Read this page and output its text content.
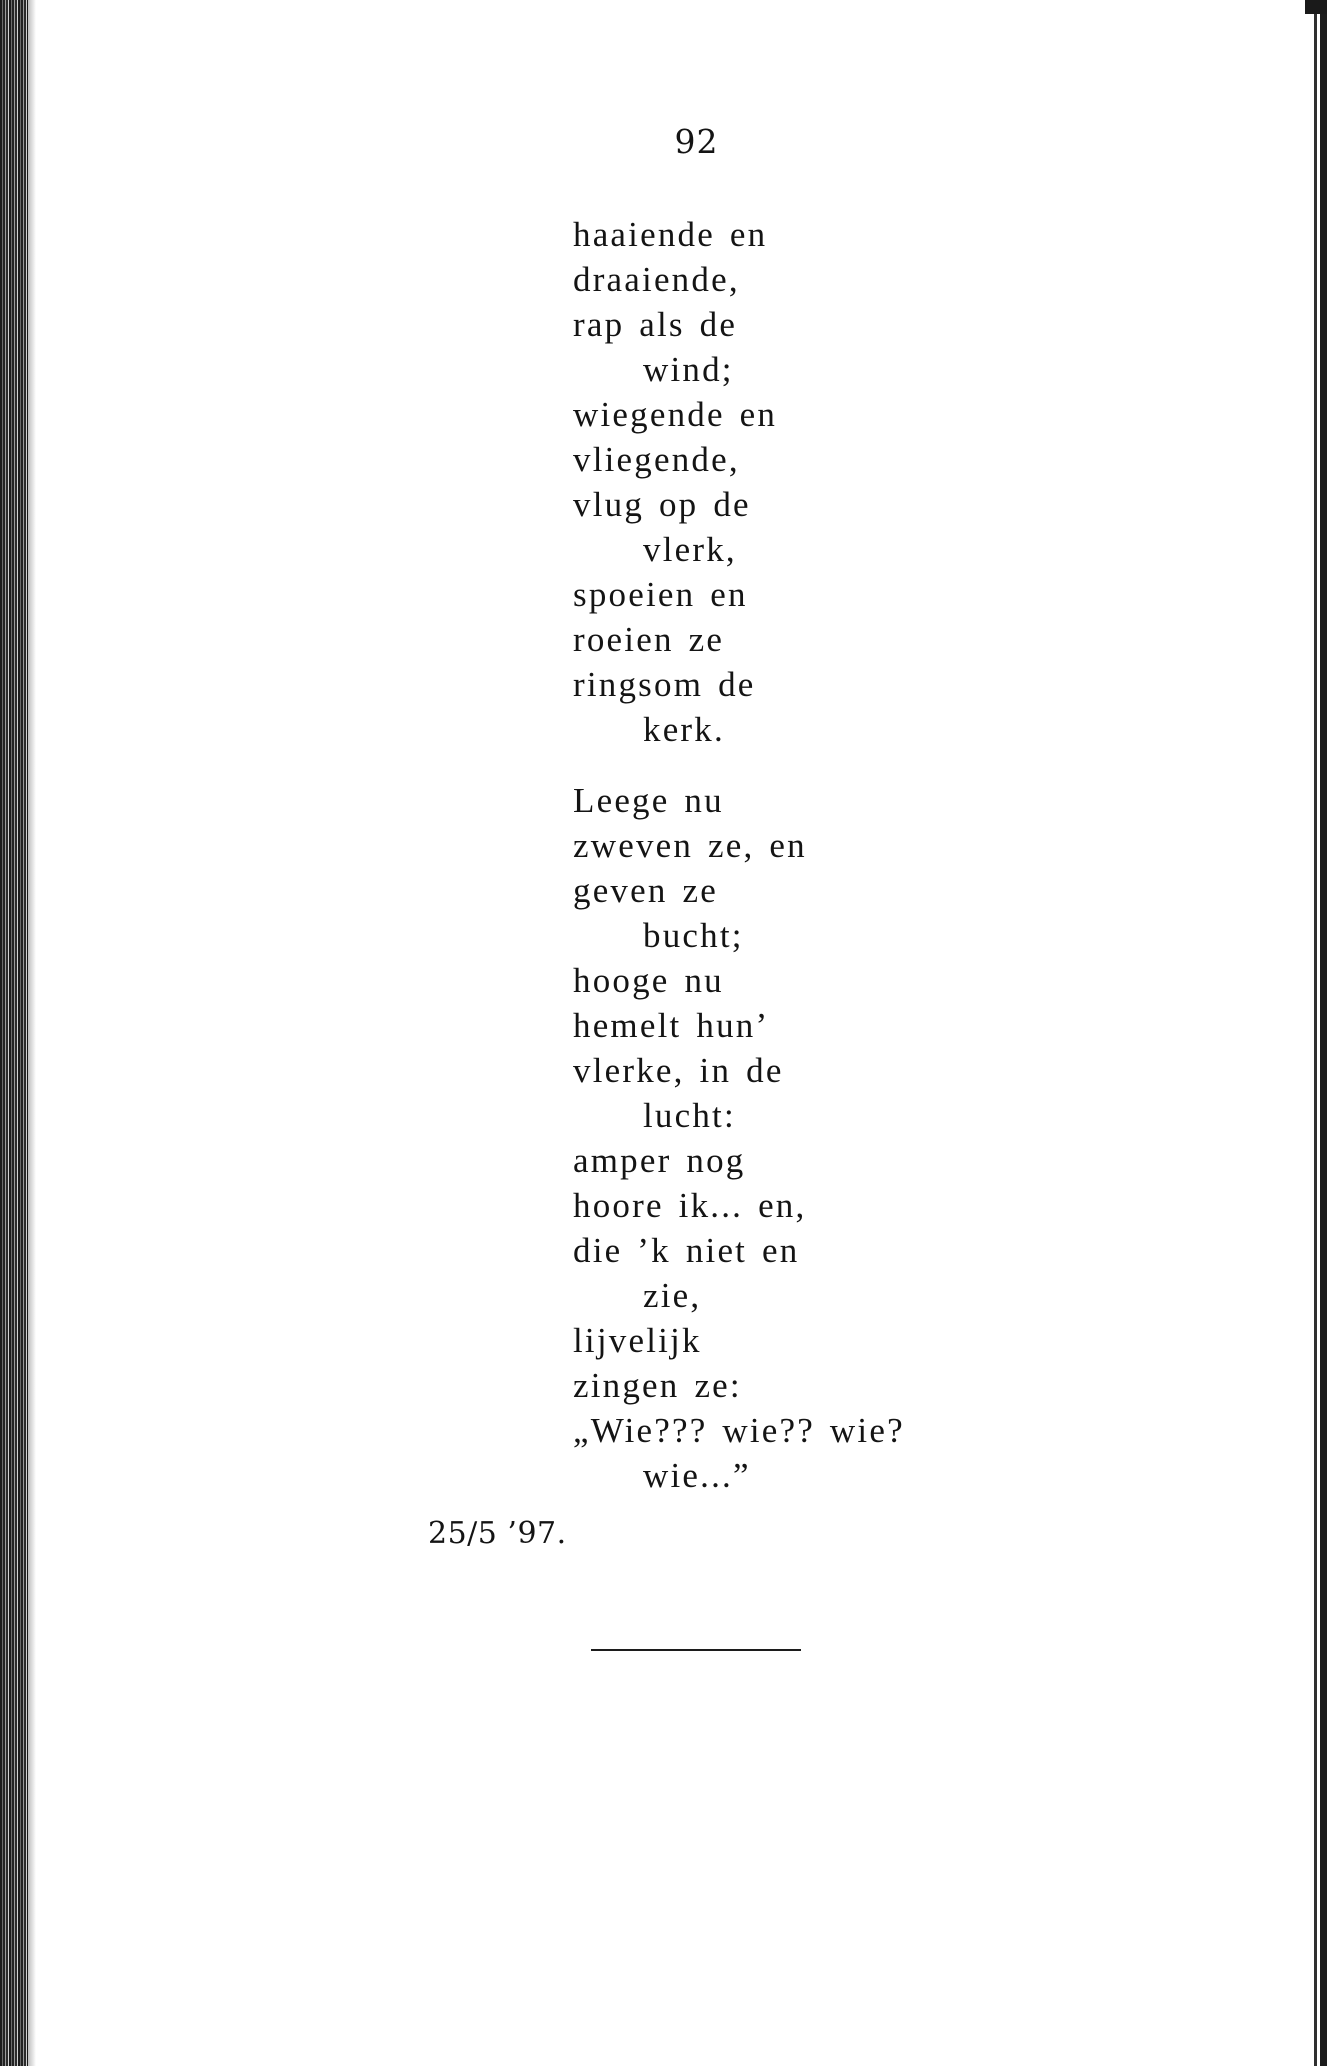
92
haaiende en
draaiende,
rap als de
wind;
wiegende en
vliegende,
vlug op de
vlerk,
spoeien en
roeien ze
ringsom de
kerk.
Leege nu
zweven ze, en
geven ze
bucht;
hooge nu
hemelt hun’
vlerke, in de
lucht:
amper nog
hoore ik... en,
die ’k niet en
zie,
lijvelijk
zingen ze:
„Wie??? wie?? wie?
wie...”
25/5 ’97.
